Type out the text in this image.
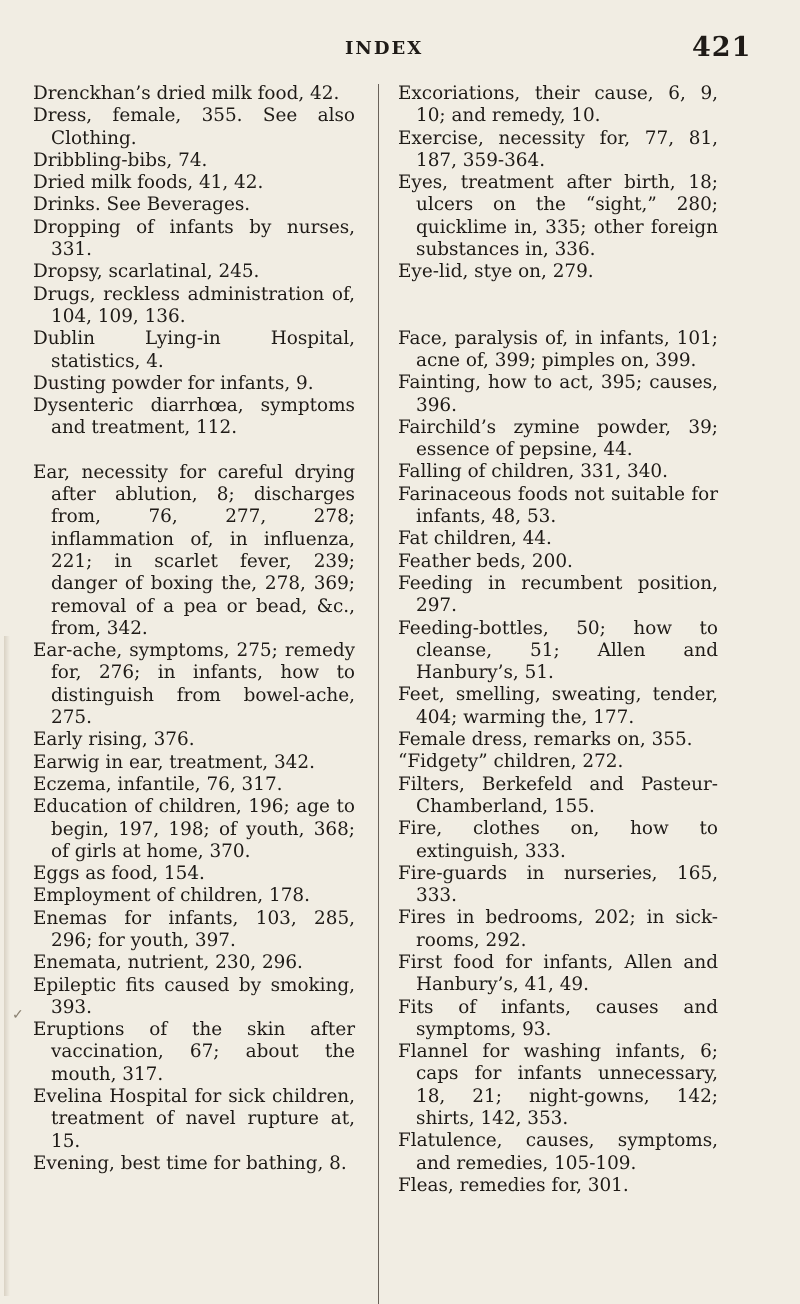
✓
INDEX	421

Drenckhan’s dried milk food, 42.

Dress, female, 355. See also Clothing.

Dribbling-bibs, 74.

Dried milk foods, 41, 42.

Drinks. See Beverages.

Dropping of infants by nurses, 331.

Dropsy, scarlatinal, 245.

Drugs, reckless administration of, 104, 109, 136.

Dublin Lying-in Hospital, statistics, 4.

Dusting powder for infants, 9.

Dysenteric diarrhœa, symptoms and treatment, 112.

Ear, necessity for careful drying after ablution, 8; discharges from, 76, 277, 278; inflammation of, in influenza, 221; in scarlet fever, 239; danger of boxing the, 278, 369; removal of a pea or bead, &c., from, 342.

Ear-ache, symptoms, 275; remedy for, 276; in infants, how to distinguish from bowel-ache, 275.

Early rising, 376.

Earwig in ear, treatment, 342.

Eczema, infantile, 76, 317.

Education of children, 196; age to begin, 197, 198; of youth, 368; of girls at home, 370.

Eggs as food, 154.

Employment of children, 178.

Enemas for infants, 103, 285, 296; for youth, 397.

Enemata, nutrient, 230, 296.

Epileptic fits caused by smoking, 393.

Eruptions of the skin after vaccination, 67; about the mouth, 317.

Evelina Hospital for sick children, treatment of navel rupture at, 15.

Evening, best time for bathing, 8.

Excoriations, their cause, 6, 9, 10; and remedy, 10.

Exercise, necessity for, 77, 81, 187, 359-364.

Eyes, treatment after birth, 18; ulcers on the “sight,” 280; quicklime in, 335; other foreign substances in, 336.

Eye-lid, stye on, 279.

Face, paralysis of, in infants, 101; acne of, 399; pimples on, 399.

Fainting, how to act, 395; causes, 396.

Fairchild’s zymine powder, 39; essence of pepsine, 44.

Falling of children, 331, 340.

Farinaceous foods not suitable for infants, 48, 53.

Fat children, 44.

Feather beds, 200.

Feeding in recumbent position, 297.

Feeding-bottles, 50; how to cleanse, 51; Allen and Hanbury’s, 51.

Feet, smelling, sweating, tender, 404; warming the, 177.

Female dress, remarks on, 355.

“Fidgety” children, 272.

Filters, Berkefeld and Pasteur-Chamberland, 155.

Fire, clothes on, how to extinguish, 333.

Fire-guards in nurseries, 165, 333.

Fires in bedrooms, 202; in sick-rooms, 292.

First food for infants, Allen and Hanbury’s, 41, 49.

Fits of infants, causes and symptoms, 93.

Flannel for washing infants, 6; caps for infants unnecessary, 18, 21; night-gowns, 142; shirts, 142, 353.

Flatulence, causes, symptoms, and remedies, 105-109.

Fleas, remedies for, 301.
